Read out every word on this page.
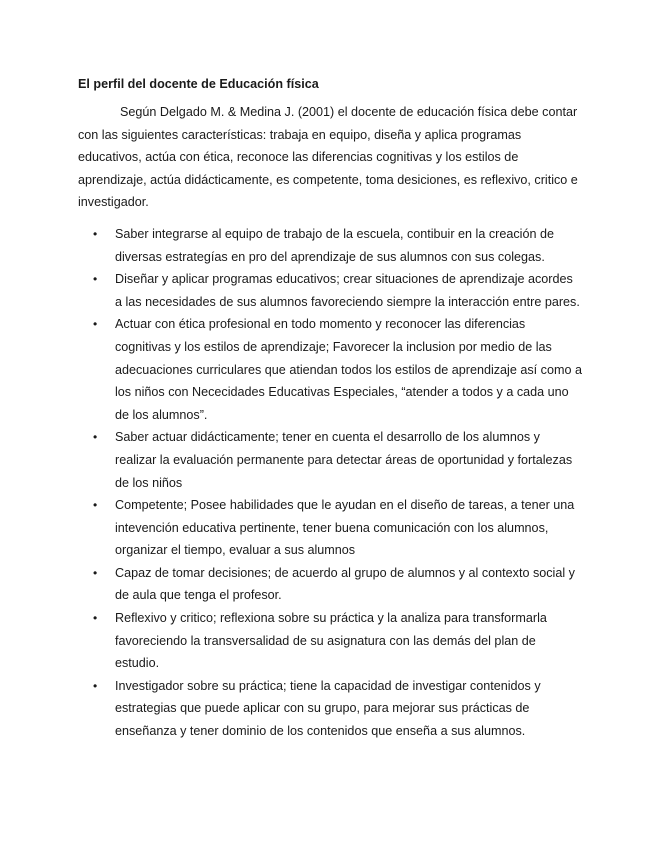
El perfil del docente de Educación física

Según Delgado M. & Medina J. (2001) el docente de educación física debe contar con las siguientes características: trabaja en equipo, diseña y aplica programas educativos, actúa con ética, reconoce las diferencias cognitivas y los estilos de aprendizaje, actúa didácticamente, es competente, toma desiciones, es reflexivo, critico e investigador.

• Saber integrarse al equipo de trabajo de la escuela, contibuir en la creación de diversas estrategías en pro del aprendizaje de sus alumnos con sus colegas.
• Diseñar y aplicar programas educativos; crear situaciones de aprendizaje acordes a las necesidades de sus alumnos favoreciendo siempre la interacción entre pares.
• Actuar con ética profesional en todo momento y reconocer las diferencias cognitivas y los estilos de aprendizaje; Favorecer la inclusion por medio de las adecuaciones curriculares que atiendan todos los estilos de aprendizaje así como a los niños con Nececidades Educativas Especiales, “atender a todos y a cada uno de los alumnos”.
• Saber actuar didácticamente; tener en cuenta el desarrollo de los alumnos y realizar la evaluación permanente para detectar áreas de oportunidad y fortalezas de los niños
• Competente; Posee habilidades que le ayudan en el diseño de tareas, a tener una intevención educativa pertinente, tener buena comunicación con los alumnos, organizar el tiempo, evaluar a sus alumnos
• Capaz de tomar decisiones; de acuerdo al grupo de alumnos y al contexto social y de aula que tenga el profesor.
• Reflexivo y critico; reflexiona sobre su práctica y la analiza para transformarla favoreciendo la transversalidad de su asignatura con las demás del plan de estudio.
• Investigador sobre su práctica; tiene la capacidad de investigar contenidos y estrategias que puede aplicar con su grupo, para mejorar sus prácticas de enseñanza y tener dominio de los contenidos que enseña a sus alumnos.
